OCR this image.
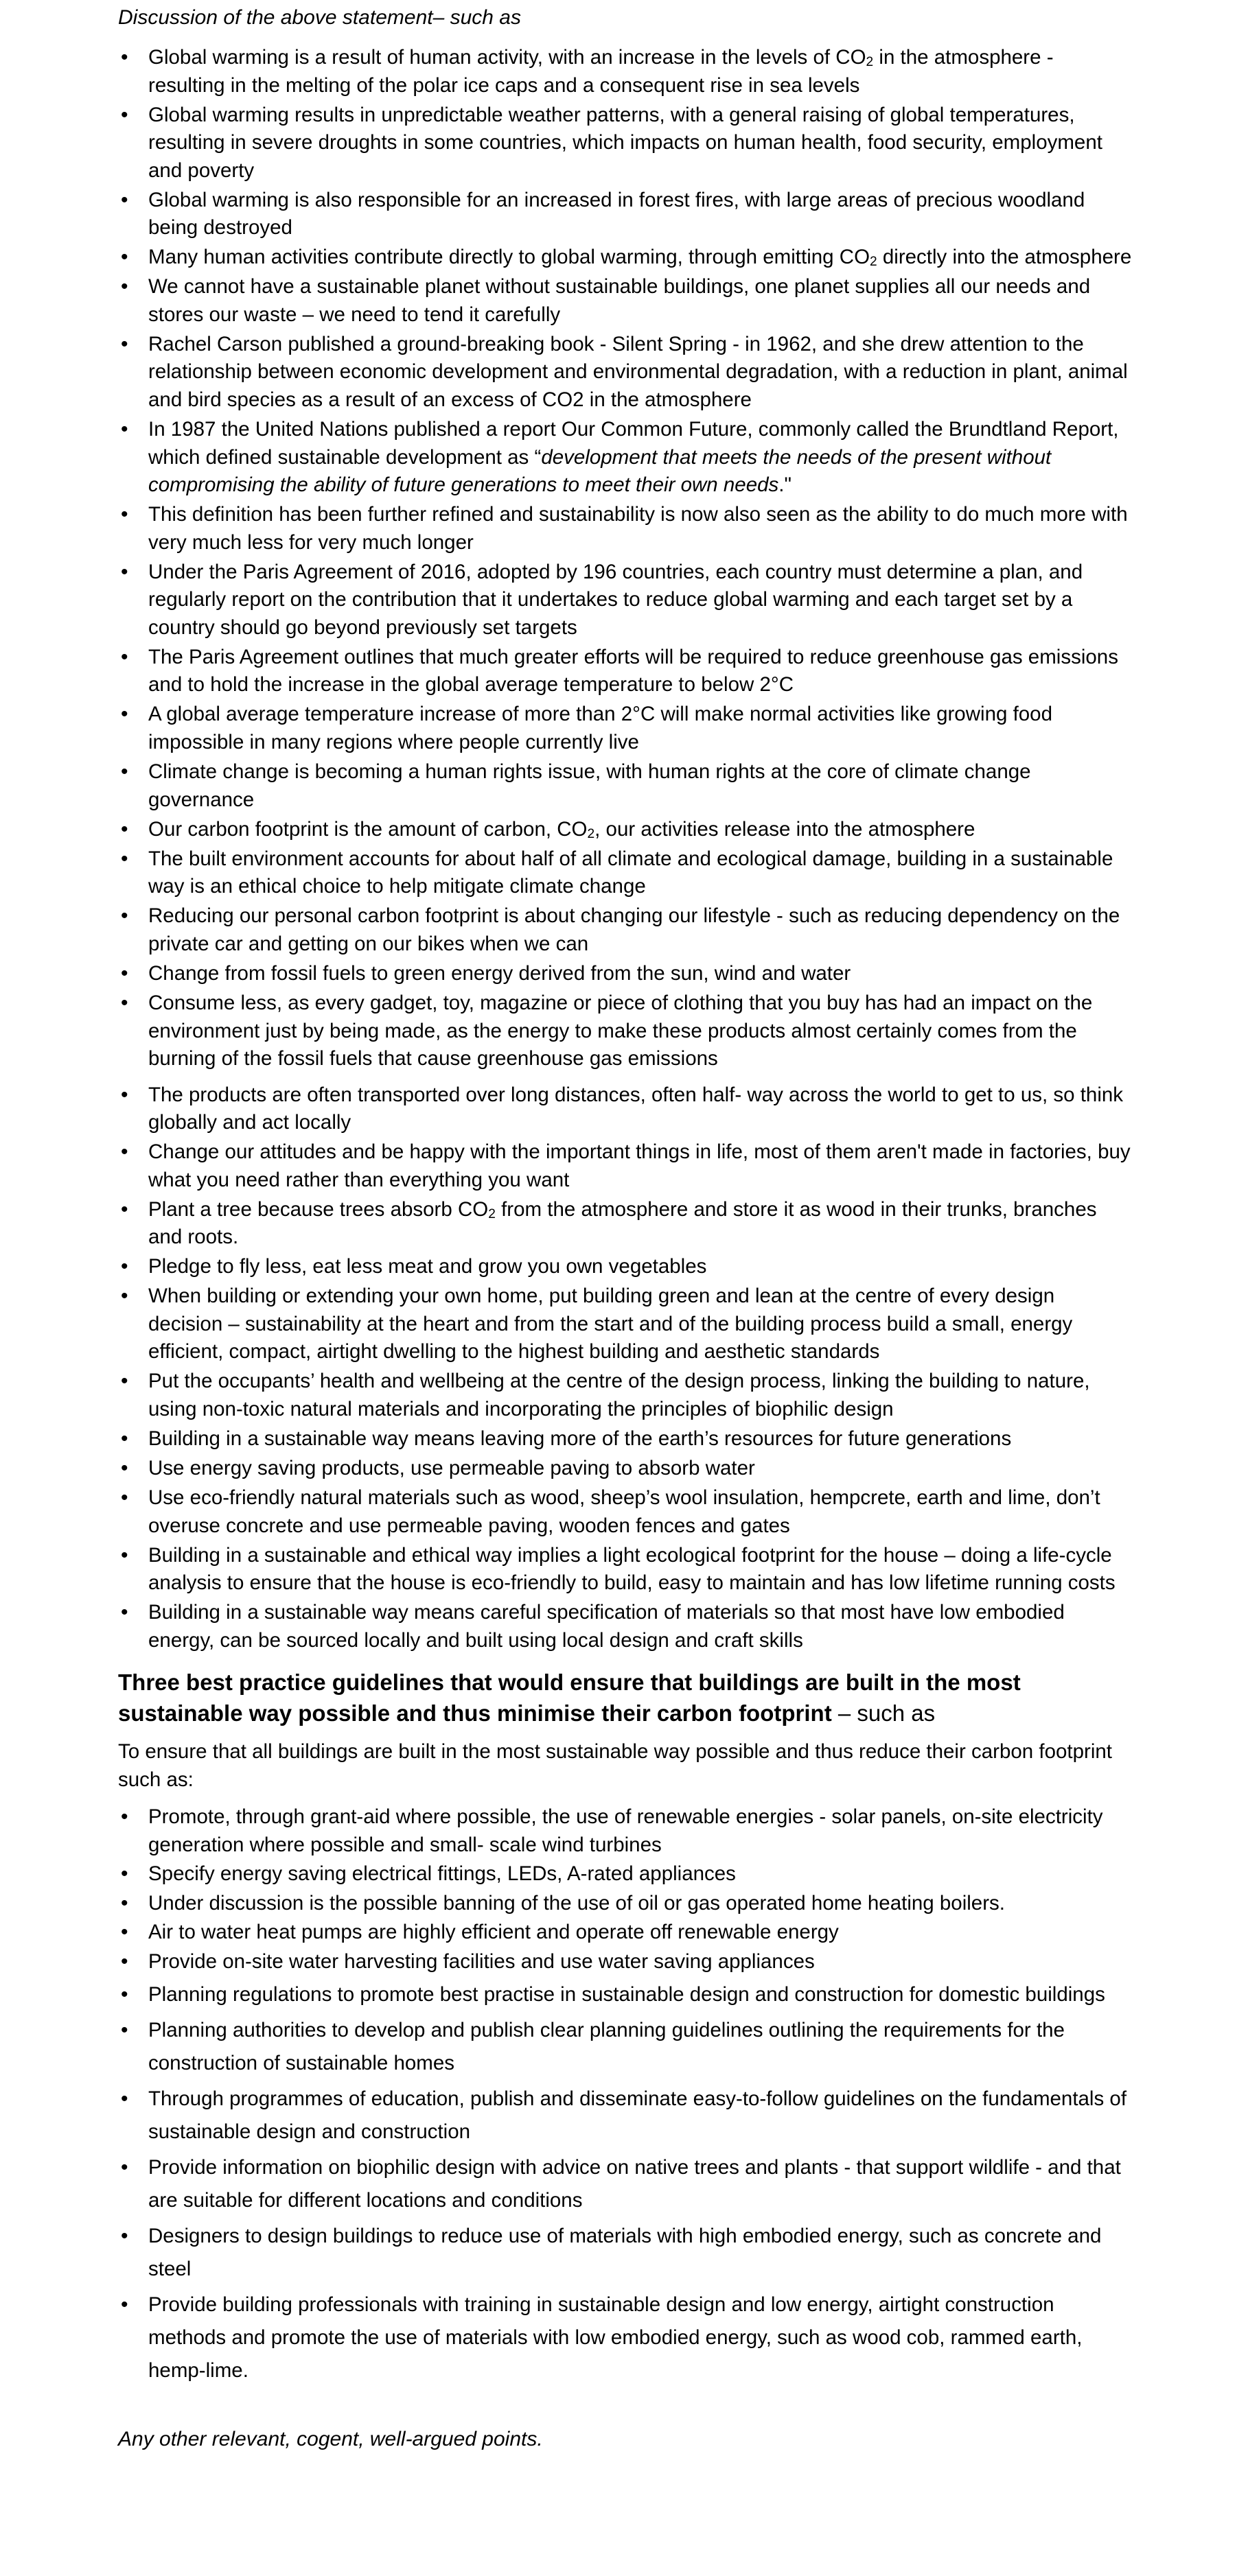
Discussion of the above statement– such as
• Global warming is a result of human activity, with an increase in the levels of $CO_2$ in the atmosphere - resulting in the melting of the polar ice caps and a consequent rise in sea levels
• Global warming results in unpredictable weather patterns, with a general raising of global temperatures, resulting in severe droughts in some countries, which impacts on human health, food security, employment and poverty
• Global warming is also responsible for an increased in forest fires, with large areas of precious woodland being destroyed
• Many human activities contribute directly to global warming, through emitting $CO_2$ directly into the atmosphere
• We cannot have a sustainable planet without sustainable buildings, one planet supplies all our needs and stores our waste – we need to tend it carefully
• Rachel Carson published a ground-breaking book - Silent Spring - in 1962, and she drew attention to the relationship between economic development and environmental degradation, with a reduction in plant, animal and bird species as a result of an excess of CO2 in the atmosphere
• In 1987 the United Nations published a report Our Common Future, commonly called the Brundtland Report, which defined sustainable development as “development that meets the needs of the present without compromising the ability of future generations to meet their own needs."
• This definition has been further refined and sustainability is now also seen as the ability to do much more with very much less for very much longer
• Under the Paris Agreement of 2016, adopted by 196 countries, each country must determine a plan, and regularly report on the contribution that it undertakes to reduce global warming and each target set by a country should go beyond previously set targets
• The Paris Agreement outlines that much greater efforts will be required to reduce greenhouse gas emissions and to hold the increase in the global average temperature to below 2°C
• A global average temperature increase of more than 2°C will make normal activities like growing food impossible in many regions where people currently live
• Climate change is becoming a human rights issue, with human rights at the core of climate change governance
• Our carbon footprint is the amount of carbon, $CO_2$, our activities release into the atmosphere
• The built environment accounts for about half of all climate and ecological damage, building in a sustainable way is an ethical choice to help mitigate climate change
• Reducing our personal carbon footprint is about changing our lifestyle - such as reducing dependency on the private car and getting on our bikes when we can
• Change from fossil fuels to green energy derived from the sun, wind and water
• Consume less, as every gadget, toy, magazine or piece of clothing that you buy has had an impact on the environment just by being made, as the energy to make these products almost certainly comes from the burning of the fossil fuels that cause greenhouse gas emissions
• The products are often transported over long distances, often half- way across the world to get to us, so think globally and act locally
• Change our attitudes and be happy with the important things in life, most of them aren't made in factories, buy what you need rather than everything you want
• Plant a tree because trees absorb $CO_2$ from the atmosphere and store it as wood in their trunks, branches and roots.
• Pledge to fly less, eat less meat and grow you own vegetables
• When building or extending your own home, put building green and lean at the centre of every design decision – sustainability at the heart and from the start and of the building process build a small, energy efficient, compact, airtight dwelling to the highest building and aesthetic standards
• Put the occupants’ health and wellbeing at the centre of the design process, linking the building to nature, using non-toxic natural materials and incorporating the principles of biophilic design
• Building in a sustainable way means leaving more of the earth’s resources for future generations
• Use energy saving products, use permeable paving to absorb water
• Use eco-friendly natural materials such as wood, sheep’s wool insulation, hempcrete, earth and lime, don’t overuse concrete and use permeable paving, wooden fences and gates
• Building in a sustainable and ethical way implies a light ecological footprint for the house – doing a life-cycle analysis to ensure that the house is eco-friendly to build, easy to maintain and has low lifetime running costs
• Building in a sustainable way means careful specification of materials so that most have low embodied energy, can be sourced locally and built using local design and craft skills
Three best practice guidelines that would ensure that buildings are built in the most sustainable way possible and thus minimise their carbon footprint – such as
To ensure that all buildings are built in the most sustainable way possible and thus reduce their carbon footprint such as:
• Promote, through grant-aid where possible, the use of renewable energies - solar panels, on-site electricity generation where possible and small- scale wind turbines
• Specify energy saving electrical fittings, LEDs, A-rated appliances
• Under discussion is the possible banning of the use of oil or gas operated home heating boilers.
• Air to water heat pumps are highly efficient and operate off renewable energy
• Provide on-site water harvesting facilities and use water saving appliances
• Planning regulations to promote best practise in sustainable design and construction for domestic buildings
• Planning authorities to develop and publish clear planning guidelines outlining the requirements for the construction of sustainable homes
• Through programmes of education, publish and disseminate easy-to-follow guidelines on the fundamentals of sustainable design and construction
• Provide information on biophilic design with advice on native trees and plants - that support wildlife - and that are suitable for different locations and conditions
• Designers to design buildings to reduce use of materials with high embodied energy, such as concrete and steel
• Provide building professionals with training in sustainable design and low energy, airtight construction methods and promote the use of materials with low embodied energy, such as wood cob, rammed earth, hemp-lime.
Any other relevant, cogent, well-argued points.
